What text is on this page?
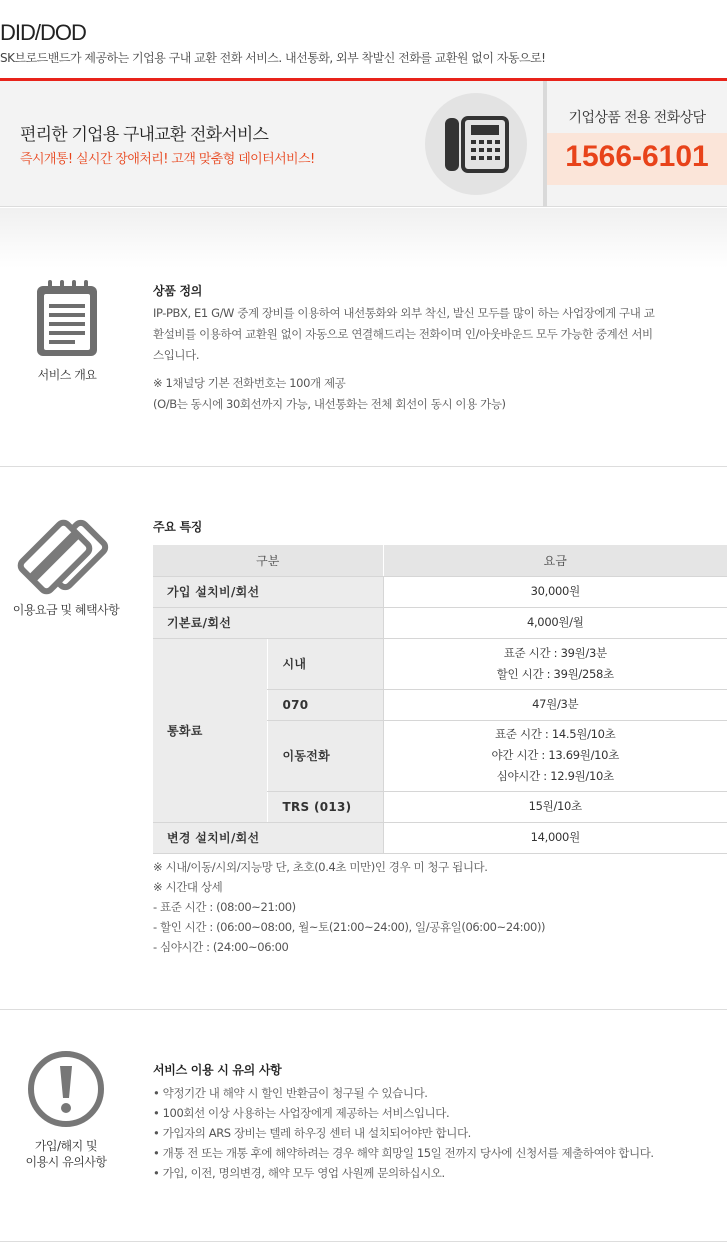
DID/DOD
SK브로드밴드가 제공하는 기업용 구내 교환 전화 서비스. 내선통화, 외부 착발신 전화를 교환원 없이 자동으로!
편리한 기업용 구내교환 전화서비스
즉시개통! 실시간 장애처리! 고객 맞춤형 데이터서비스!
기업상품 전용 전화상담
1566-6101
서비스 개요
상품 정의
IP-PBX, E1 G/W 중계 장비를 이용하여 내선통화와 외부 착신, 발신 모두를 많이 하는 사업장에게 구내 교
환설비를 이용하여 교환원 없이 자동으로 연결해드리는 전화이며 인/아웃바운드 모두 가능한 중계선 서비
스입니다.
※ 1채널당 기본 전화번호는 100개 제공
(O/B는 동시에 30회선까지 가능, 내선통화는 전체 회선이 동시 이용 가능)
이용요금 및 혜택사항
주요 특징
구분		요금
가입 설치비/회선		30,000원
기본료/회선		4,000원/월
통화료	시내	표준 시간 : 39원/3분
할인 시간 : 39원/258초

	070	47원/3분
	이동전화	표준 시간 : 14.5원/10초
야간 시간 : 13.69원/10초
심야시간 : 12.9원/10초

	TRS (013)	15원/10초
변경 설치비/회선		14,000원
※ 시내/이동/시외/지능망 단, 초호(0.4초 미만)인 경우 미 청구 됩니다.
※ 시간대 상세
- 표준 시간 : (08:00~21:00)
- 할인 시간 : (06:00~08:00, 월~토(21:00~24:00), 일/공휴일(06:00~24:00))
- 심야시간 : (24:00~06:00
가입/해지 및
이용시 유의사항
서비스 이용 시 유의 사항
• 약정기간 내 해약 시 할인 반환금이 청구될 수 있습니다.
• 100회선 이상 사용하는 사업장에게 제공하는 서비스입니다.
• 가입자의 ARS 장비는 텔레 하우징 센터 내 설치되어야만 합니다.
• 개통 전 또는 개통 후에 해약하려는 경우 해약 희망일 15일 전까지 당사에 신청서를 제출하여야 합니다.
• 가입, 이전, 명의변경, 해약 모두 영업 사원께 문의하십시오.
